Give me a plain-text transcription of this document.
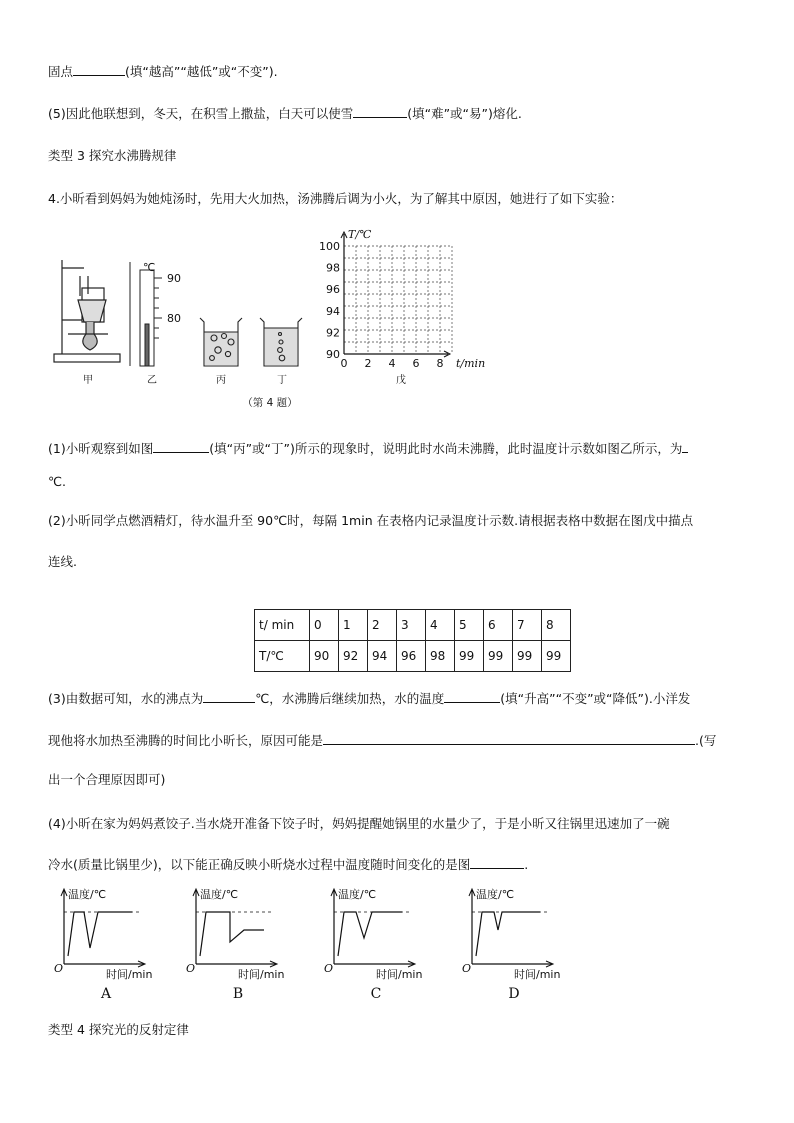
固点	(填“越高”“越低”或“不变”).
(5)因此他联想到，冬天，在积雪上撒盐，白天可以使雪	(填“难”或“易”)熔化.
类型 3 探究水沸腾规律
4.小昕看到妈妈为她炖汤时，先用大火加热，汤沸腾后调为小火，为了解其中原因，她进行了如下实验：
℃
90
80
T/℃
t/min
100
98
96
94
92
90
0 2 4 6 8
甲	乙	丙	丁	戊
（第 4 题）
(1)小昕观察到如图	(填“丙”或“丁”)所示的现象时，说明此时水尚未沸腾，此时温度计示数如图乙所示，为
℃.
(2)小昕同学点燃酒精灯，待水温升至 90℃时，每隔 1min 在表格内记录温度计示数.请根据表格中数据在图戊中描点
连线.
t/ min	0	1	2	3	4	5	6	7	8
T/℃	90	92	94	96	98	99	99	99	99
(3)由数据可知，水的沸点为	℃，水沸腾后继续加热，水的温度	(填“升高”“不变”或“降低”).小洋发
现他将水加热至沸腾的时间比小昕长，原因可能是	.(写
出一个合理原因即可)
(4)小昕在家为妈妈煮饺子.当水烧开准备下饺子时，妈妈提醒她锅里的水量少了，于是小昕又往锅里迅速加了一碗
冷水(质量比锅里少)，以下能正确反映小昕烧水过程中温度随时间变化的是图	.
温度/℃
时间/min
O
A
温度/℃
时间/min
O
B
温度/℃
时间/min
O
C
温度/℃
时间/min
O
D
类型 4 探究光的反射定律
